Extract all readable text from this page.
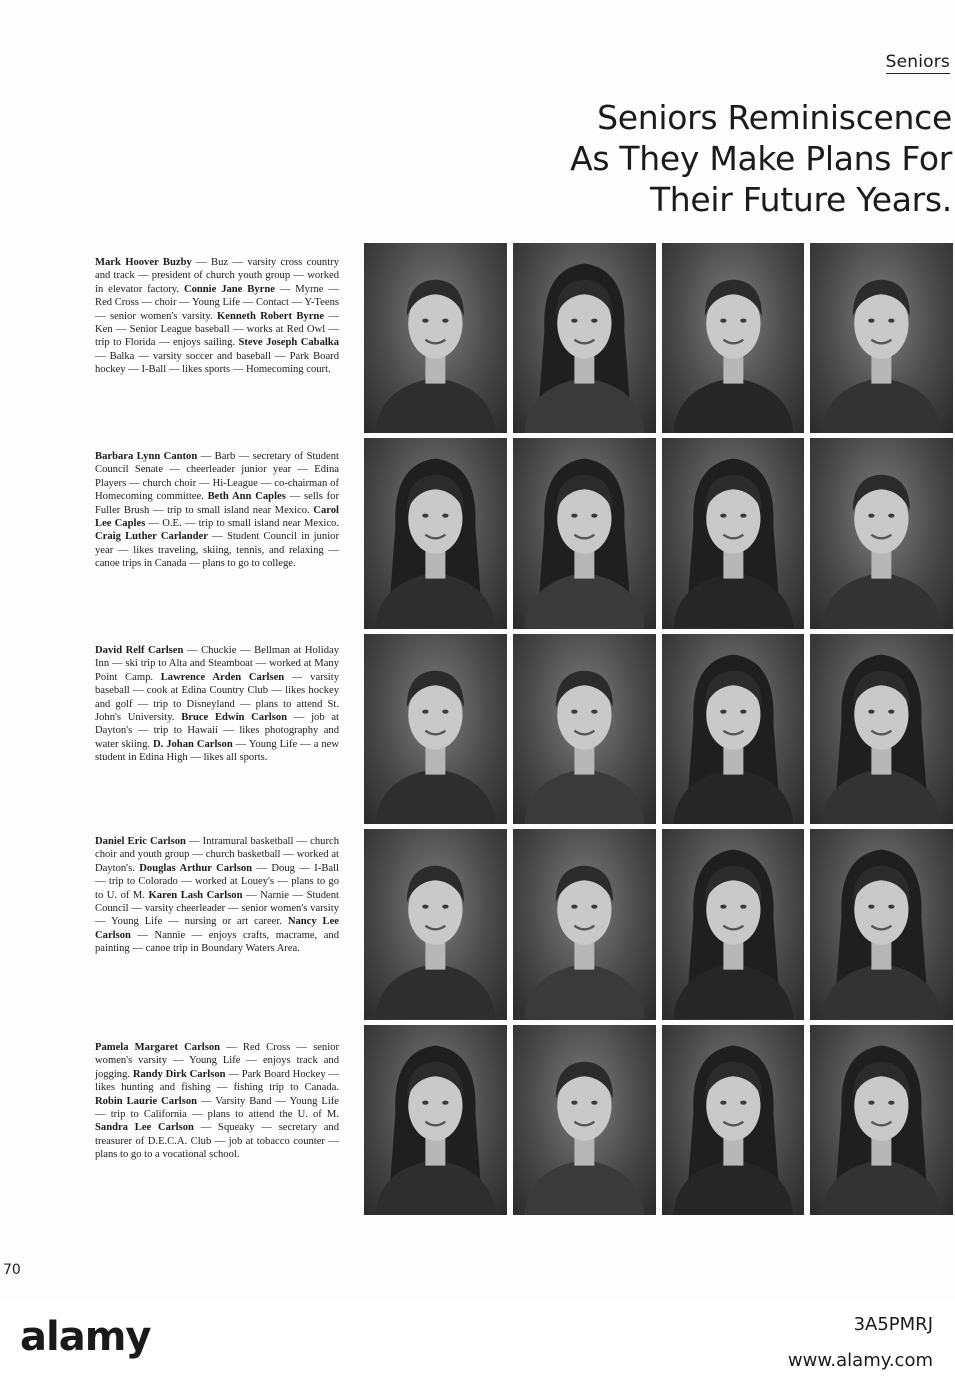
Seniors
Seniors Reminiscence
As They Make Plans For
Their Future Years.
Mark Hoover Buzby — Buz — varsity cross country and track — president of church youth group — worked in elevator factory. Connie Jane Byrne — Myrne — Red Cross — choir — Young Life — Contact — Y-Teens — senior women's varsity. Kenneth Robert Byrne — Ken — Senior League baseball — works at Red Owl — trip to Florida — enjoys sailing. Steve Joseph Cabalka — Balka — varsity soccer and baseball — Park Board hockey — I-Ball — likes sports — Homecoming court.
Barbara Lynn Canton — Barb — secretary of Student Council Senate — cheerleader junior year — Edina Players — church choir — Hi-League — co-chairman of Homecoming committee. Beth Ann Caples — sells for Fuller Brush — trip to small island near Mexico. Carol Lee Caples — O.E. — trip to small island near Mexico. Craig Luther Carlander — Student Council in junior year — likes traveling, skiing, tennis, and relaxing — canoe trips in Canada — plans to go to college.
David Relf Carlsen — Chuckie — Bellman at Holiday Inn — ski trip to Alta and Steamboat — worked at Many Point Camp. Lawrence Arden Carlsen — varsity baseball — cook at Edina Country Club — likes hockey and golf — trip to Disneyland — plans to attend St. John's University. Bruce Edwin Carlson — job at Dayton's — trip to Hawaii — likes photography and water skiing. D. Johan Carlson — Young Life — a new student in Edina High — likes all sports.
Daniel Eric Carlson — Intramural basketball — church choir and youth group — church basketball — worked at Dayton's. Douglas Arthur Carlson — Doug — I-Ball — trip to Colorado — worked at Louey's — plans to go to U. of M. Karen Lash Carlson — Narnie — Student Council — varsity cheerleader — senior women's varsity — Young Life — nursing or art career. Nancy Lee Carlson — Nannie — enjoys crafts, macrame, and painting — canoe trip in Boundary Waters Area.
Pamela Margaret Carlson — Red Cross — senior women's varsity — Young Life — enjoys track and jogging. Randy Dirk Carlson — Park Board Hockey — likes hunting and fishing — fishing trip to Canada. Robin Laurie Carlson — Varsity Band — Young Life — trip to California — plans to attend the U. of M. Sandra Lee Carlson — Squeaky — secretary and treasurer of D.E.C.A. Club — job at tobacco counter — plans to go to a vocational school.
70
alamy	3A5PMRJ
www.alamy.com
